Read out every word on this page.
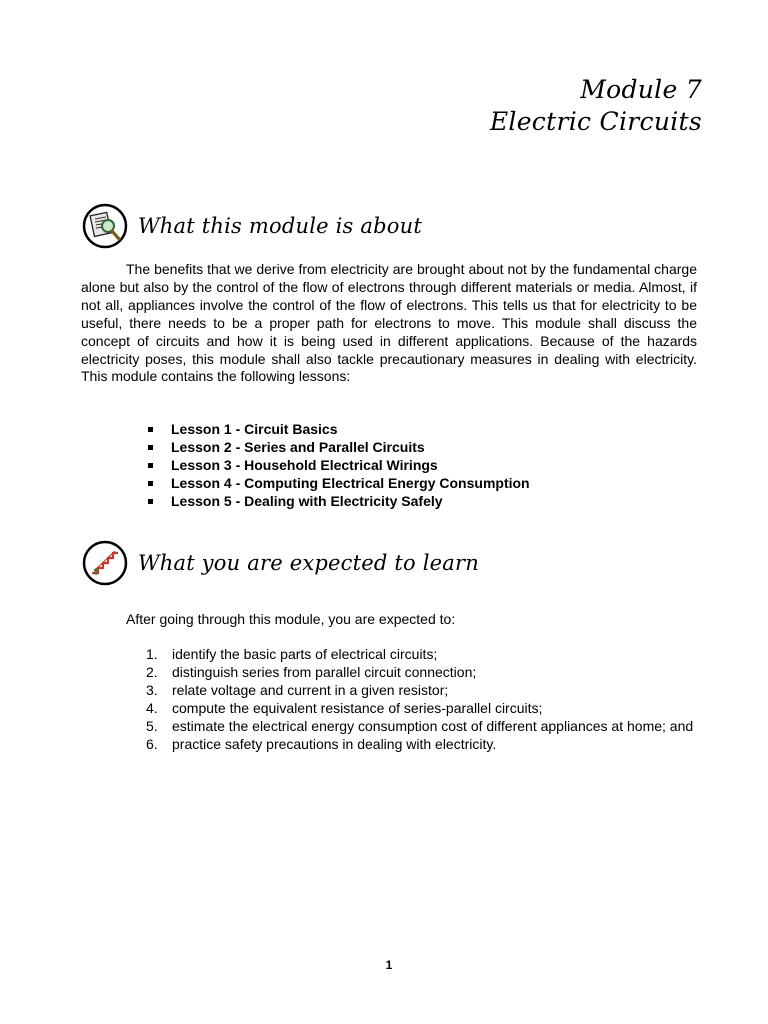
Module 7
Electric Circuits
What this module is about

The benefits that we derive from electricity are brought about not by the fundamental charge alone but also by the control of the flow of electrons through different materials or media. Almost, if not all, appliances involve the control of the flow of electrons. This tells us that for electricity to be useful, there needs to be a proper path for electrons to move. This module shall discuss the concept of circuits and how it is being used in different applications. Because of the hazards electricity poses, this module shall also tackle precautionary measures in dealing with electricity. This module contains the following lessons:

Lesson 1 - Circuit Basics
Lesson 2 - Series and Parallel Circuits
Lesson 3 - Household Electrical Wirings
Lesson 4 - Computing Electrical Energy Consumption
Lesson 5 - Dealing with Electricity Safely
What you are expected to learn

After going through this module, you are expected to:

1.	identify the basic parts of electrical circuits;
2.	distinguish series from parallel circuit connection;
3.	relate voltage and current in a given resistor;
4.	compute the equivalent resistance of series-parallel circuits;
5.	estimate the electrical energy consumption cost of different appliances at home; and
6.	practice safety precautions in dealing with electricity.
1
